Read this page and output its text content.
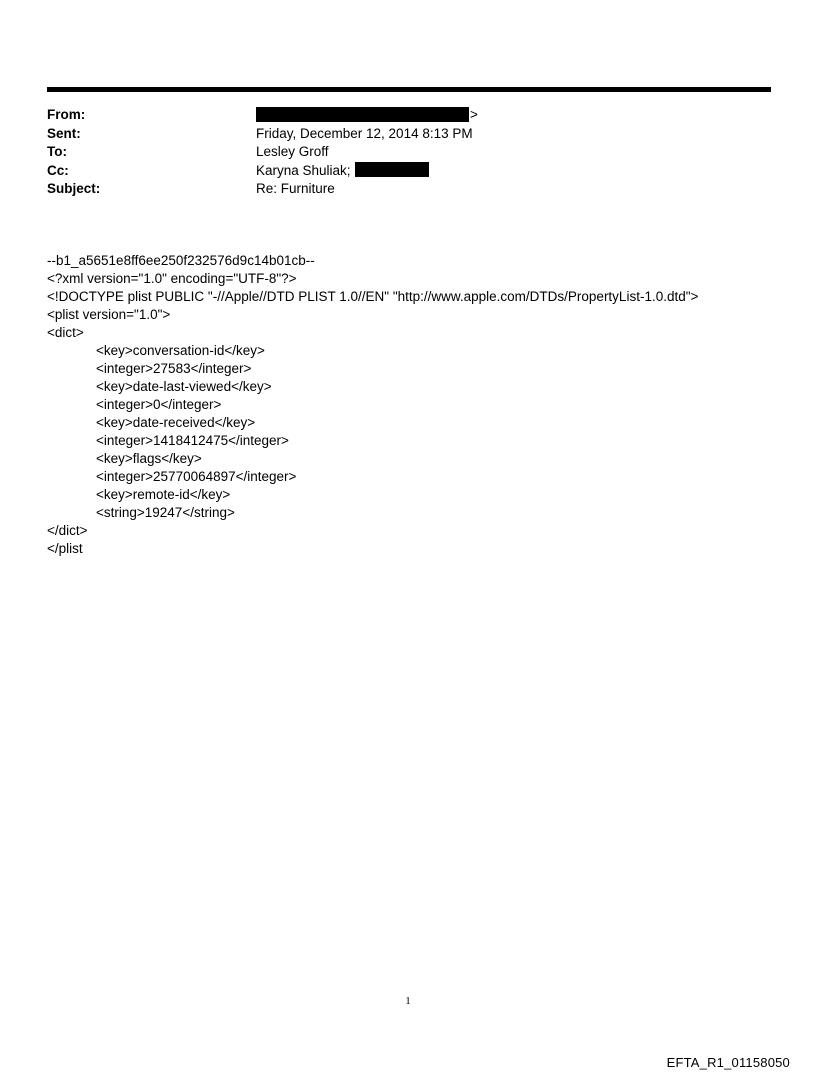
From:	>
Sent:	Friday, December 12, 2014 8:13 PM
To:	Lesley Groff
Cc:	Karyna Shuliak;
Subject:	Re: Furniture
--b1_a5651e8ff6ee250f232576d9c14b01cb--
<?xml version="1.0" encoding="UTF-8"?>
<!DOCTYPE plist PUBLIC "-//Apple//DTD PLIST 1.0//EN" "http://www.apple.com/DTDs/PropertyList-1.0.dtd">
<plist version="1.0">
<dict>
<key>conversation-id</key>
<integer>27583</integer>
<key>date-last-viewed</key>
<integer>0</integer>
<key>date-received</key>
<integer>1418412475</integer>
<key>flags</key>
<integer>25770064897</integer>
<key>remote-id</key>
<string>19247</string>
</dict>
</plist
1
EFTA_R1_01158050
